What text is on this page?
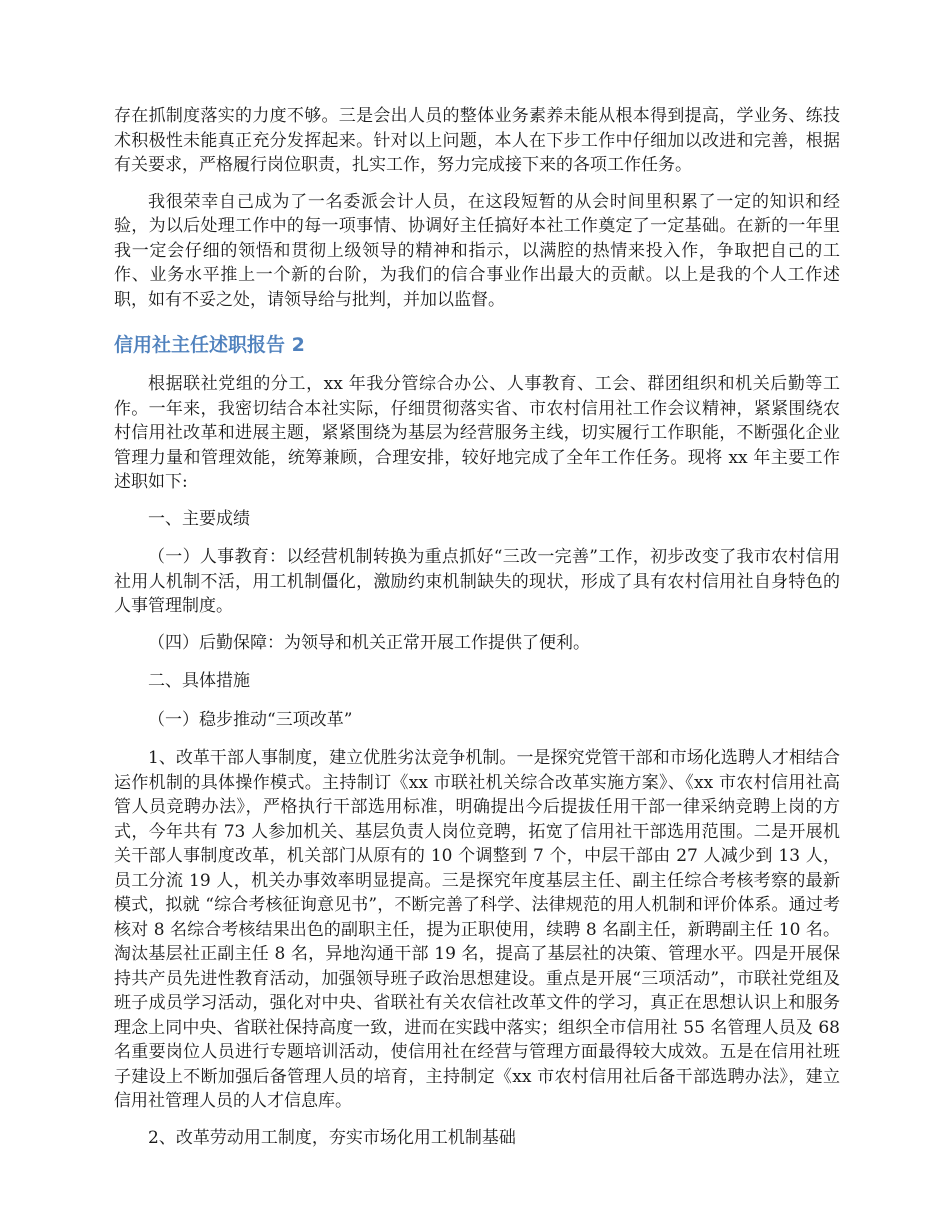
存在抓制度落实的力度不够。三是会出人员的整体业务素养未能从根本得到提高，学业务、练技术积极性未能真正充分发挥起来。针对以上问题，本人在下步工作中仔细加以改进和完善，根据有关要求，严格履行岗位职责，扎实工作，努力完成接下来的各项工作任务。

我很荣幸自己成为了一名委派会计人员，在这段短暂的从会时间里积累了一定的知识和经验，为以后处理工作中的每一项事情、协调好主任搞好本社工作奠定了一定基础。在新的一年里我一定会仔细的领悟和贯彻上级领导的精神和指示，以满腔的热情来投入作，争取把自己的工作、业务水平推上一个新的台阶，为我们的信合事业作出最大的贡献。以上是我的个人工作述职，如有不妥之处，请领导给与批判，并加以监督。

信用社主任述职报告 2

根据联社党组的分工，xx 年我分管综合办公、人事教育、工会、群团组织和机关后勤等工作。一年来，我密切结合本社实际，仔细贯彻落实省、市农村信用社工作会议精神，紧紧围绕农村信用社改革和进展主题，紧紧围绕为基层为经营服务主线，切实履行工作职能，不断强化企业管理力量和管理效能，统筹兼顾，合理安排，较好地完成了全年工作任务。现将 xx 年主要工作述职如下:

一、主要成绩

（一）人事教育：以经营机制转换为重点抓好“三改一完善”工作，初步改变了我市农村信用社用人机制不活，用工机制僵化，激励约束机制缺失的现状，形成了具有农村信用社自身特色的人事管理制度。

（四）后勤保障：为领导和机关正常开展工作提供了便利。

二、具体措施

（一）稳步推动“三项改革”

1、改革干部人事制度，建立优胜劣汰竞争机制。一是探究党管干部和市场化选聘人才相结合运作机制的具体操作模式。主持制订《xx 市联社机关综合改革实施方案》、《xx 市农村信用社高管人员竞聘办法》，严格执行干部选用标准，明确提出今后提拔任用干部一律采纳竞聘上岗的方式，今年共有 73 人参加机关、基层负责人岗位竞聘，拓宽了信用社干部选用范围。二是开展机关干部人事制度改革，机关部门从原有的 10 个调整到 7 个，中层干部由 27 人减少到 13 人，员工分流 19 人，机关办事效率明显提高。三是探究年度基层主任、副主任综合考核考察的最新模式，拟就 “综合考核征询意见书”，不断完善了科学、法律规范的用人机制和评价体系。通过考核对 8 名综合考核结果出色的副职主任，提为正职使用，续聘 8 名副主任，新聘副主任 10 名。淘汰基层社正副主任 8 名，异地沟通干部 19 名，提高了基层社的决策、管理水平。四是开展保持共产员先进性教育活动，加强领导班子政治思想建设。重点是开展“三项活动”，市联社党组及班子成员学习活动，强化对中央、省联社有关农信社改革文件的学习，真正在思想认识上和服务理念上同中央、省联社保持高度一致，进而在实践中落实；组织全市信用社 55 名管理人员及 68 名重要岗位人员进行专题培训活动，使信用社在经营与管理方面最得较大成效。五是在信用社班子建设上不断加强后备管理人员的培育，主持制定《xx 市农村信用社后备干部选聘办法》，建立信用社管理人员的人才信息库。

2、改革劳动用工制度，夯实市场化用工机制基础
